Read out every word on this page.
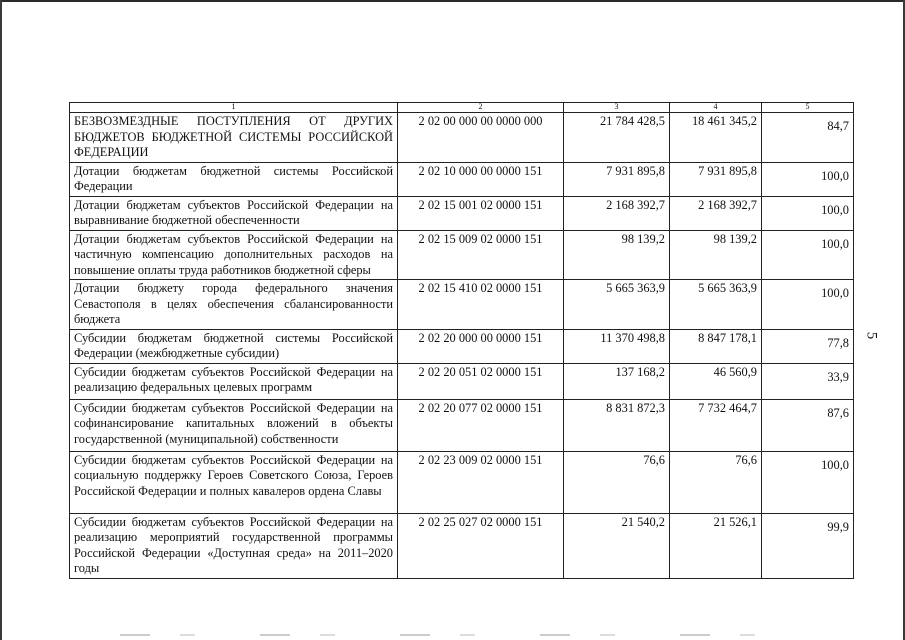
1	2	3	4	5
БЕЗВОЗМЕЗДНЫЕ ПОСТУПЛЕНИЯ ОТ ДРУГИХ БЮДЖЕТОВ БЮДЖЕТНОЙ СИСТЕМЫ РОССИЙСКОЙ ФЕДЕРАЦИИ	2 02 00 000 00 0000 000	21 784 428,5	18 461 345,2	84,7
Дотации бюджетам бюджетной системы Российской Федерации	2 02 10 000 00 0000 151	7 931 895,8	7 931 895,8	100,0
Дотации бюджетам субъектов Российской Федерации на выравнивание бюджетной обеспеченности	2 02 15 001 02 0000 151	2 168 392,7	2 168 392,7	100,0
Дотации бюджетам субъектов Российской Федерации на частичную компенсацию дополнительных расходов на повышение оплаты труда работников бюджетной сферы	2 02 15 009 02 0000 151	98 139,2	98 139,2	100,0
Дотации бюджету города федерального значения Севастополя в целях обеспечения сбалансированности бюджета	2 02 15 410 02 0000 151	5 665 363,9	5 665 363,9	100,0
Субсидии бюджетам бюджетной системы Российской Федерации (межбюджетные субсидии)	2 02 20 000 00 0000 151	11 370 498,8	8 847 178,1	77,8
Субсидии бюджетам субъектов Российской Федерации на реализацию федеральных целевых программ	2 02 20 051 02 0000 151	137 168,2	46 560,9	33,9
Субсидии бюджетам субъектов Российской Федерации на софинансирование капитальных вложений в объекты государственной (муниципальной) собственности	2 02 20 077 02 0000 151	8 831 872,3	7 732 464,7	87,6
Субсидии бюджетам субъектов Российской Федерации на социальную поддержку Героев Советского Союза, Героев Российской Федерации и полных кавалеров ордена Славы	2 02 23 009 02 0000 151	76,6	76,6	100,0
Субсидии бюджетам субъектов Российской Федерации на реализацию мероприятий государственной программы Российской Федерации «Доступная среда» на 2011–2020 годы	2 02 25 027 02 0000 151	21 540,2	21 526,1	99,9
5
